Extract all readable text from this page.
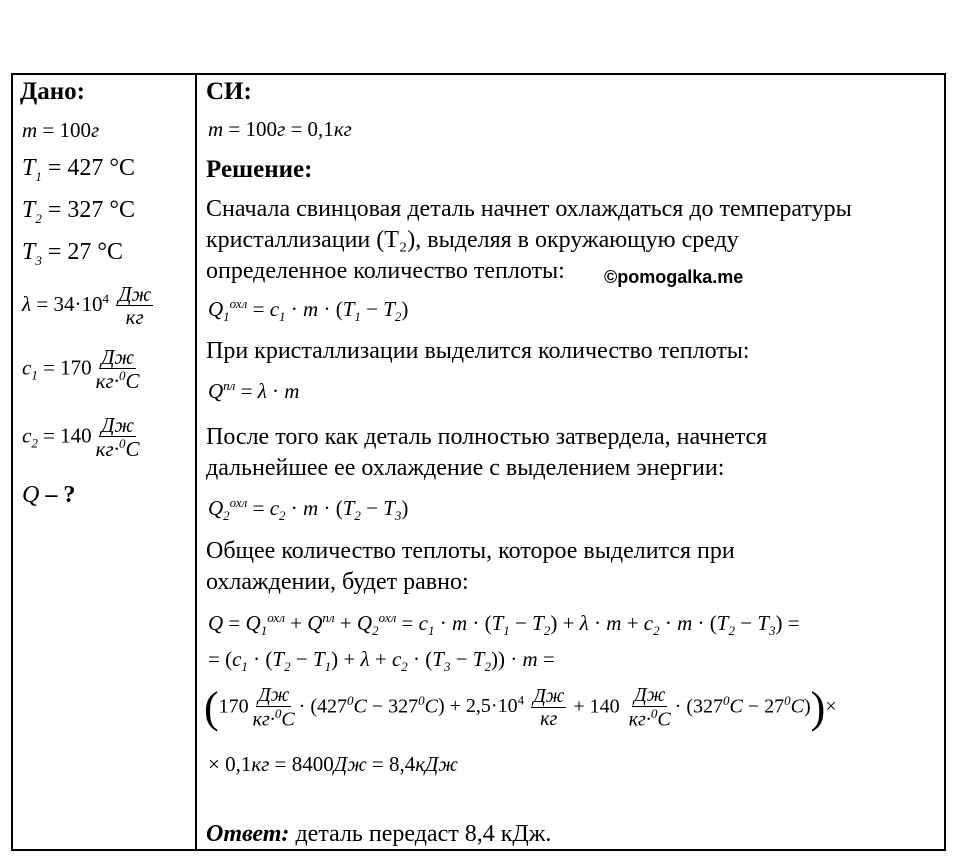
Дано:
m = 100г
$T_1 = 427$ °С
$T_2 = 327$ °С
$T_3 = 27$ °С
$\lambda = 34\cdot 10^4 \frac{Дж}{кг}$
$c_1 = 170 \frac{Дж}{кг\cdot^0С}$
$c_2 = 140 \frac{Дж}{кг\cdot^0С}$
Q – ?
СИ:
m = 100г = 0,1кг
Решение:
Сначала свинцовая деталь начнет охлаждаться до температуры
кристаллизации (Т₂), выделяя в окружающую среду
определенное количество теплоты: ©pomogalka.me
$Q_1^{охл} = c_1 \cdot m \cdot (T_1 - T_2)$
При кристаллизации выделится количество теплоты:
$Q^{пл} = \lambda \cdot m$
После того как деталь полностью затвердела, начнется
дальнейшее ее охлаждение с выделением энергии:
$Q_2^{охл} = c_2 \cdot m \cdot (T_2 - T_3)$
Общее количество теплоты, которое выделится при
охлаждении, будет равно:
$Q = Q_1^{охл} + Q^{пл} + Q_2^{охл} = c_1 \cdot m \cdot (T_1 - T_2) + \lambda \cdot m + c_2 \cdot m \cdot (T_2 - T_3)$ =
= $(c_1 \cdot (T_2 - T_1) + \lambda + c_2 \cdot (T_3 - T_2)) \cdot m$ =
$(170 \frac{Дж}{кг\cdot^0С} \cdot (427^0С - 327^0С) + 2,5\cdot 10^4 \frac{Дж}{кг} + 140 \frac{Дж}{кг\cdot^0С} \cdot (327^0С - 27^0С))\times$
× 0,1кг = 8400Дж = 8,4кДж
Ответ: деталь передаст 8,4 кДж.
